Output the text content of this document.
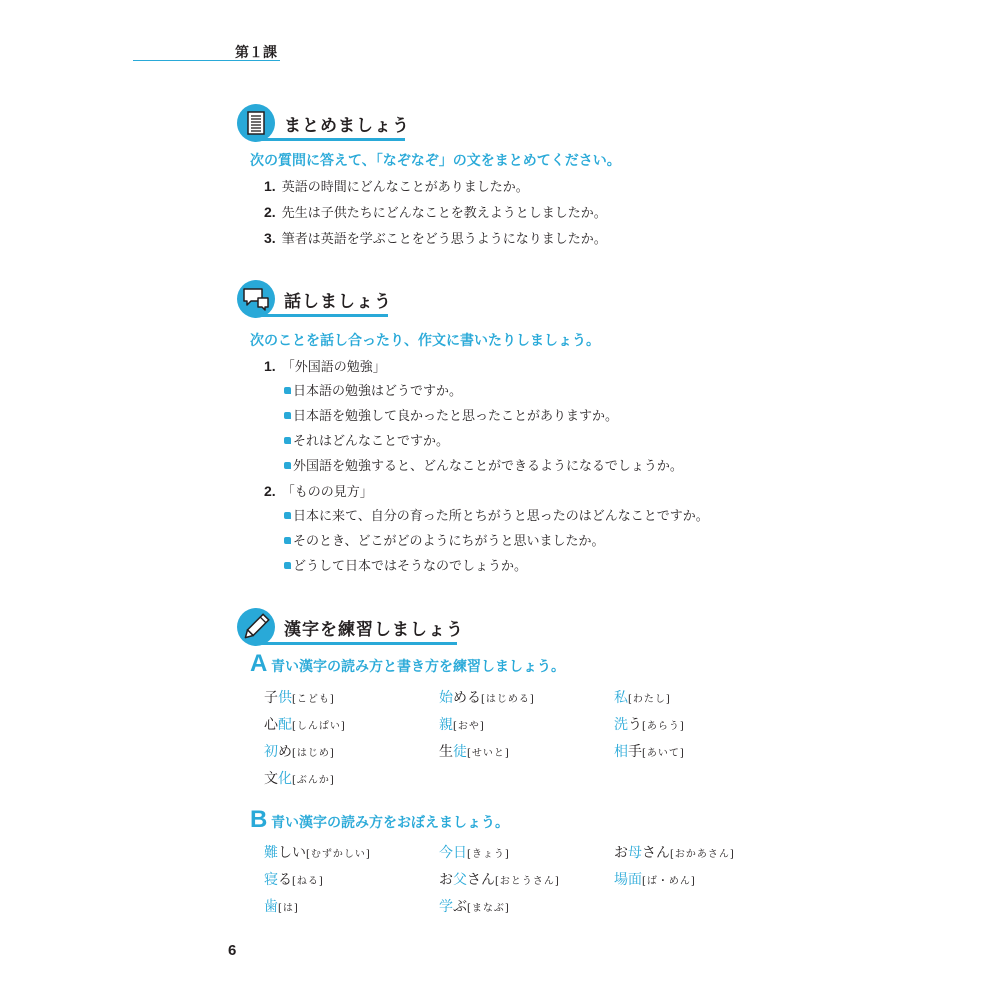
第１課
まとめましょう
次の質問に答えて、「なぞなぞ」の文をまとめてください。
1. 英語の時間にどんなことがありましたか。
2. 先生は子供たちにどんなことを教えようとしましたか。
3. 筆者は英語を学ぶことをどう思うようになりましたか。
話しましょう
次のことを話し合ったり、作文に書いたりしましょう。
1. 「外国語の勉強」
日本語の勉強はどうですか。
日本語を勉強して良かったと思ったことがありますか。
それはどんなことですか。
外国語を勉強すると、どんなことができるようになるでしょうか。
2. 「ものの見方」
日本に来て、自分の育った所とちがうと思ったのはどんなことですか。
そのとき、どこがどのようにちがうと思いましたか。
どうして日本ではそうなのでしょうか。
漢字を練習しましょう
A 青い漢字の読み方と書き方を練習しましょう。
子供[こども]	始める[はじめる]	私[わたし]
心配[しんぱい]	親[おや]	洗う[あらう]
初め[はじめ]	生徒[せいと]	相手[あいて]
文化[ぶんか]
B 青い漢字の読み方をおぼえましょう。
難しい[むずかしい]	今日[きょう]	お母さん[おかあさん]
寝る[ねる]	お父さん[おとうさん]	場面[ば・めん]
歯[は]	学ぶ[まなぶ]
6
